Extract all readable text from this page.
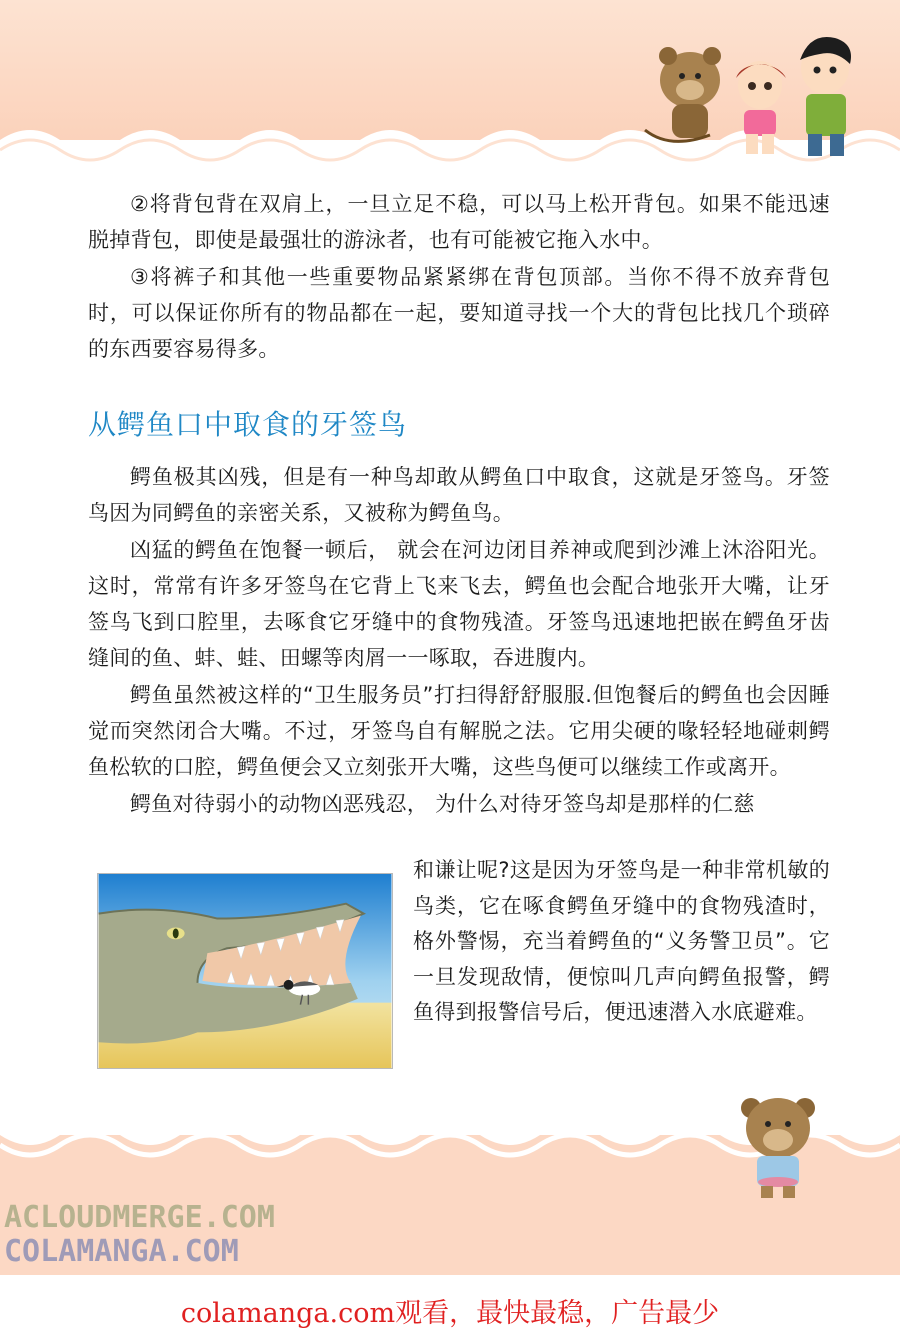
②将背包背在双肩上，一旦立足不稳，可以马上松开背包。如果不能迅速脱掉背包，即使是最强壮的游泳者，也有可能被它拖入水中。

③将裤子和其他一些重要物品紧紧绑在背包顶部。当你不得不放弃背包时，可以保证你所有的物品都在一起，要知道寻找一个大的背包比找几个琐碎的东西要容易得多。

从鳄鱼口中取食的牙签鸟

鳄鱼极其凶残，但是有一种鸟却敢从鳄鱼口中取食，这就是牙签鸟。牙签鸟因为同鳄鱼的亲密关系，又被称为鳄鱼鸟。

凶猛的鳄鱼在饱餐一顿后， 就会在河边闭目养神或爬到沙滩上沐浴阳光。这时，常常有许多牙签鸟在它背上飞来飞去，鳄鱼也会配合地张开大嘴，让牙签鸟飞到口腔里，去啄食它牙缝中的食物残渣。牙签鸟迅速地把嵌在鳄鱼牙齿缝间的鱼、蚌、蛙、田螺等肉屑一一啄取，吞进腹内。

鳄鱼虽然被这样的“卫生服务员”打扫得舒舒服服.但饱餐后的鳄鱼也会因睡觉而突然闭合大嘴。不过，牙签鸟自有解脱之法。它用尖硬的喙轻轻地碰刺鳄鱼松软的口腔，鳄鱼便会又立刻张开大嘴，这些鸟便可以继续工作或离开。

鳄鱼对待弱小的动物凶恶残忍， 为什么对待牙签鸟却是那样的仁慈

和谦让呢?这是因为牙签鸟是一种非常机敏的鸟类，它在啄食鳄鱼牙缝中的食物残渣时，格外警惕，充当着鳄鱼的“义务警卫员”。它一旦发现敌情，便惊叫几声向鳄鱼报警，鳄鱼得到报警信号后，便迅速潜入水底避难。
ACLOUDMERGE.COM
COLAMANGA.COM
colamanga.com观看，最快最稳，广告最少
